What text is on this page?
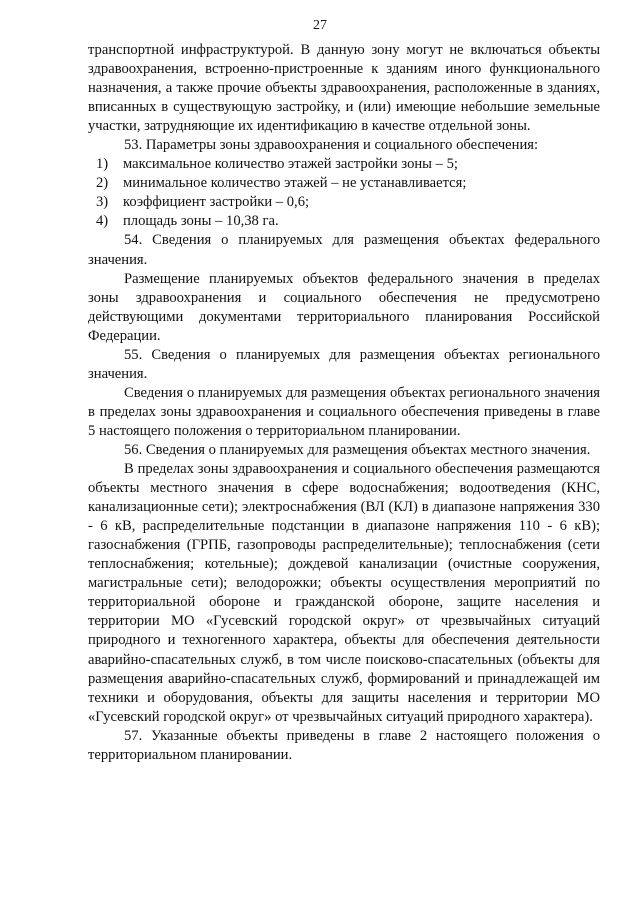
27

транспортной инфраструктурой. В данную зону могут не включаться объекты здравоохранения, встроенно-пристроенные к зданиям иного функционального назначения, а также прочие объекты здравоохранения, расположенные в зданиях, вписанных в существующую застройку, и (или) имеющие небольшие земельные участки, затрудняющие их идентификацию в качестве отдельной зоны.

53. Параметры зоны здравоохранения и социального обеспечения:

1) максимальное количество этажей застройки зоны – 5;
2) минимальное количество этажей – не устанавливается;
3) коэффициент застройки – 0,6;
4) площадь зоны – 10,38 га.

54. Сведения о планируемых для размещения объектах федерального значения.

Размещение планируемых объектов федерального значения в пределах зоны здравоохранения и социального обеспечения не предусмотрено действующими документами территориального планирования Российской Федерации.

55. Сведения о планируемых для размещения объектах регионального значения.

Сведения о планируемых для размещения объектах регионального значения в пределах зоны здравоохранения и социального обеспечения приведены в главе 5 настоящего положения о территориальном планировании.

56. Сведения о планируемых для размещения объектах местного значения.

В пределах зоны здравоохранения и социального обеспечения размещаются объекты местного значения в сфере водоснабжения; водоотведения (КНС, канализационные сети); электроснабжения (ВЛ (КЛ) в диапазоне напряжения 330 - 6 кВ, распределительные подстанции в диапазоне напряжения 110 - 6 кВ); газоснабжения (ГРПБ, газопроводы распределительные); теплоснабжения (сети теплоснабжения; котельные); дождевой канализации (очистные сооружения, магистральные сети); велодорожки; объекты осуществления мероприятий по территориальной обороне и гражданской обороне, защите населения и территории МО «Гусевский городской округ» от чрезвычайных ситуаций природного и техногенного характера, объекты для обеспечения деятельности аварийно-спасательных служб, в том числе поисково-спасательных (объекты для размещения аварийно-спасательных служб, формирований и принадлежащей им техники и оборудования, объекты для защиты населения и территории МО «Гусевский городской округ» от чрезвычайных ситуаций природного характера).

57. Указанные объекты приведены в главе 2 настоящего положения о территориальном планировании.
